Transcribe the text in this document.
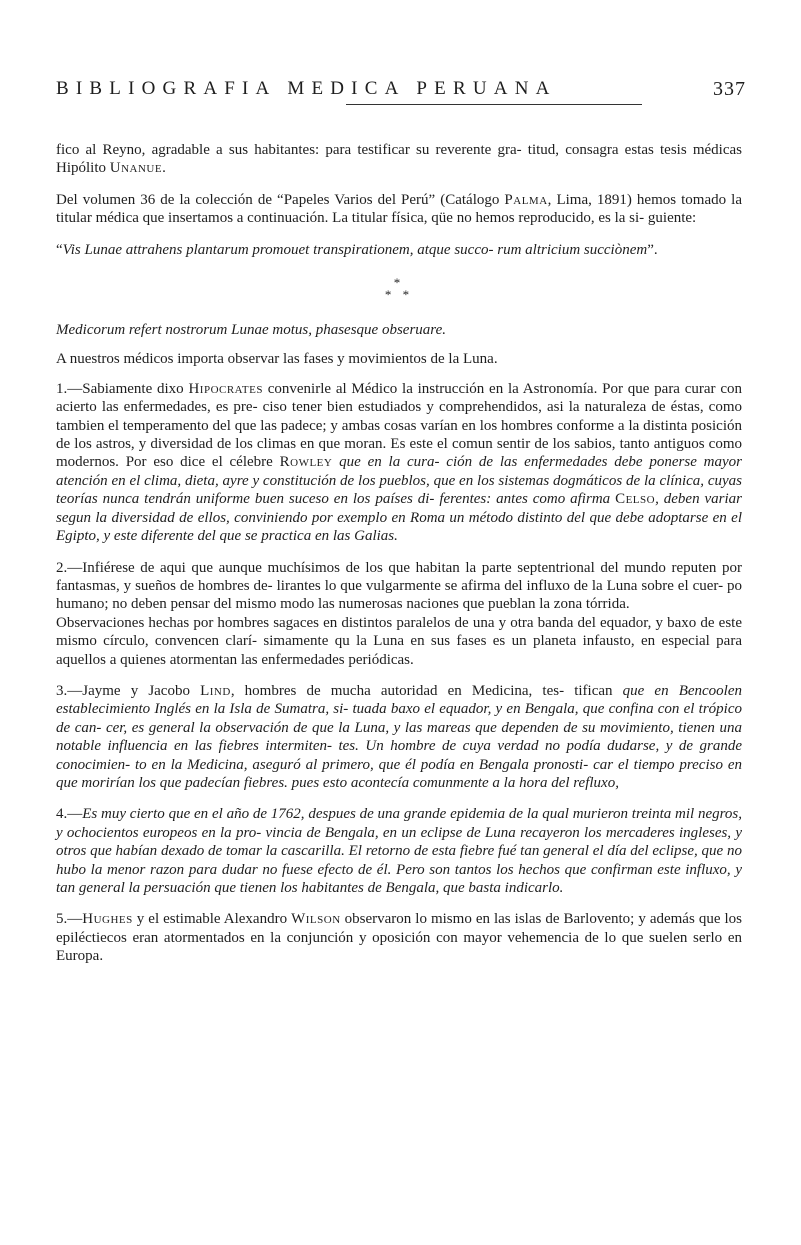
BIBLIOGRAFIA MEDICA PERUANA	337

fico al Reyno, agradable a sus habitantes: para testificar su reverente gra- titud, consagra estas tesis médicas Hipólito Unanue.

Del volumen 36 de la colección de “Papeles Varios del Perú” (Catálogo Palma, Lima, 1891) hemos tomado la titular médica que insertamos a continuación. La titular física, qüe no hemos reproducido, es la si- guiente:

“Vis Lunae attrahens plantarum promouet transpirationem, atque succo- rum altricium succiònem”.

*
* *

Medicorum refert nostrorum Lunae motus, phasesque obseruare.

A nuestros médicos importa observar las fases y movimientos de la Luna.

1.—Sabiamente dixo Hipocrates convenirle al Médico la instrucción en la Astronomía. Por que para curar con acierto las enfermedades, es pre- ciso tener bien estudiados y comprehendidos, asi la naturaleza de éstas, como tambien el temperamento del que las padece; y ambas cosas varían en los hombres conforme a la distinta posición de los astros, y diversidad de los climas en que moran. Es este el comun sentir de los sabios, tanto antiguos como modernos. Por eso dice el célebre Rowley que en la cura- ción de las enfermedades debe ponerse mayor atención en el clima, dieta, ayre y constitución de los pueblos, que en los sistemas dogmáticos de la clínica, cuyas teorías nunca tendrán uniforme buen suceso en los países di- ferentes: antes como afirma Celso, deben variar segun la diversidad de ellos, conviniendo por exemplo en Roma un método distinto del que debe adoptarse en el Egipto, y este diferente del que se practica en las Galias.

2.—Infiérese de aqui que aunque muchísimos de los que habitan la parte septentrional del mundo reputen por fantasmas, y sueños de hombres de- lirantes lo que vulgarmente se afirma del influxo de la Luna sobre el cuer- po humano; no deben pensar del mismo modo las numerosas naciones que pueblan la zona tórrida.

Observaciones hechas por hombres sagaces en distintos paralelos de una y otra banda del equador, y baxo de este mismo círculo, convencen clarí- simamente qu la Luna en sus fases es un planeta infausto, en especial para aquellos a quienes atormentan las enfermedades periódicas.

3.—Jayme y Jacobo Lind, hombres de mucha autoridad en Medicina, tes- tifican que en Bencoolen establecimiento Inglés en la Isla de Sumatra, si- tuada baxo el equador, y en Bengala, que confina con el trópico de can- cer, es general la observación de que la Luna, y las mareas que dependen de su movimiento, tienen una notable influencia en las fiebres intermiten- tes. Un hombre de cuya verdad no podía dudarse, y de grande conocimien- to en la Medicina, aseguró al primero, que él podía en Bengala pronosti- car el tiempo preciso en que morirían los que padecían fiebres. pues esto acontecía comunmente a la hora del refluxo,

4.—Es muy cierto que en el año de 1762, despues de una grande epidemia de la qual murieron treinta mil negros, y ochocientos europeos en la pro- vincia de Bengala, en un eclipse de Luna recayeron los mercaderes ingleses, y otros que habían dexado de tomar la cascarilla. El retorno de esta fiebre fué tan general el día del eclipse, que no hubo la menor razon para dudar no fuese efecto de él. Pero son tantos los hechos que confirman este influxo, y tan general la persuación que tienen los habitantes de Bengala, que basta indicarlo.

5.—Hughes y el estimable Alexandro Wilson observaron lo mismo en las islas de Barlovento; y además que los epiléctiecos eran atormentados en la conjunción y oposición con mayor vehemencia de lo que suelen serlo en Europa.
